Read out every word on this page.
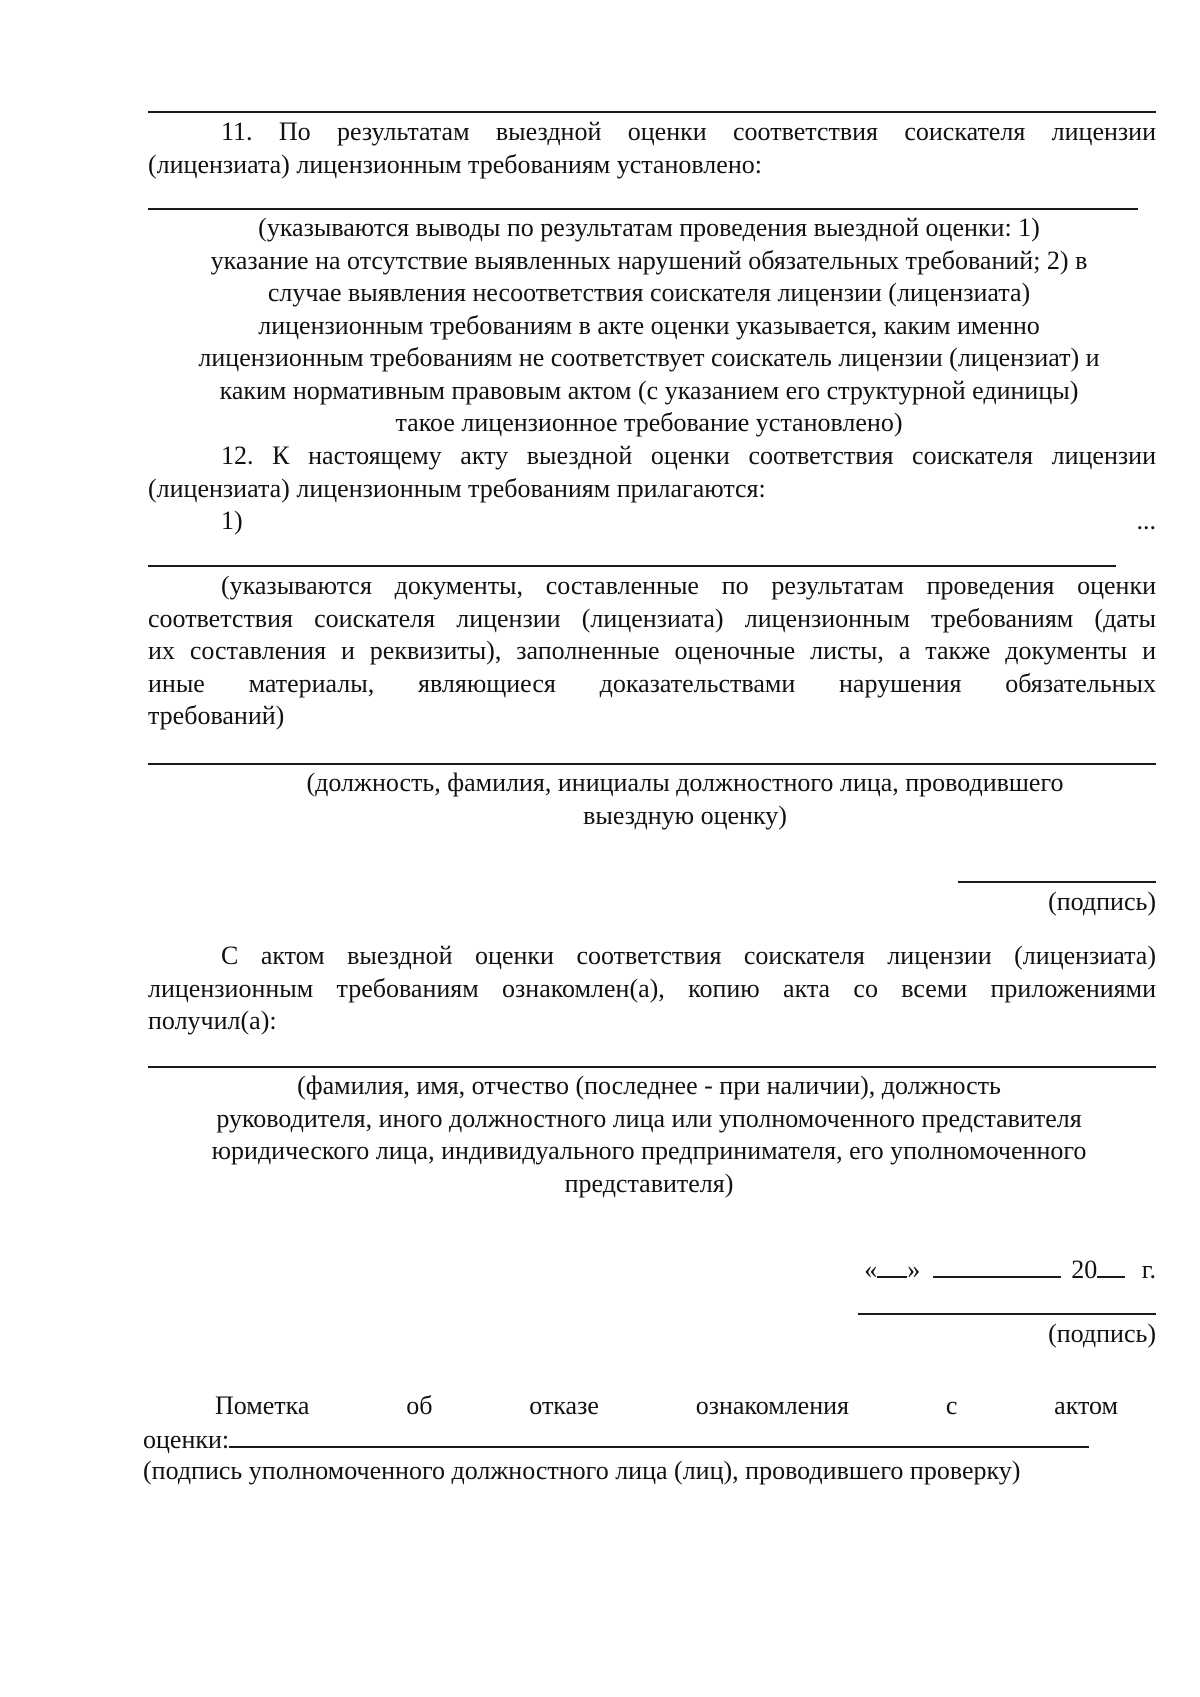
11. По результатам выездной оценки соответствия соискателя лицензии
(лицензиата) лицензионным требованиям установлено:
(указываются выводы по результатам проведения выездной оценки: 1)
указание на отсутствие выявленных нарушений обязательных требований; 2) в
случае выявления несоответствия соискателя лицензии (лицензиата)
лицензионным требованиям в акте оценки указывается, каким именно
лицензионным требованиям не соответствует соискатель лицензии (лицензиат) и
каким нормативным правовым актом (с указанием его структурной единицы)
такое лицензионное требование установлено)
12. К настоящему акту выездной оценки соответствия соискателя лицензии
(лицензиата) лицензионным требованиям прилагаются:
1)	...
(указываются документы, составленные по результатам проведения оценки
соответствия соискателя лицензии (лицензиата) лицензионным требованиям (даты
их составления и реквизиты), заполненные оценочные листы, а также документы и
иные материалы, являющиеся доказательствами нарушения обязательных
требований)
(должность, фамилия, инициалы должностного лица, проводившего
выездную оценку)
(подпись)
С актом выездной оценки соответствия соискателя лицензии (лицензиата)
лицензионным требованиям ознакомлен(а), копию акта со всеми приложениями
получил(а):
(фамилия, имя, отчество (последнее - при наличии), должность
руководителя, иного должностного лица или уполномоченного представителя
юридического лица, индивидуального предпринимателя, его уполномоченного
представителя)
« »	20 г.
(подпись)
Пометка об отказе ознакомления с актом
оценки:
(подпись уполномоченного должностного лица (лиц), проводившего проверку)
